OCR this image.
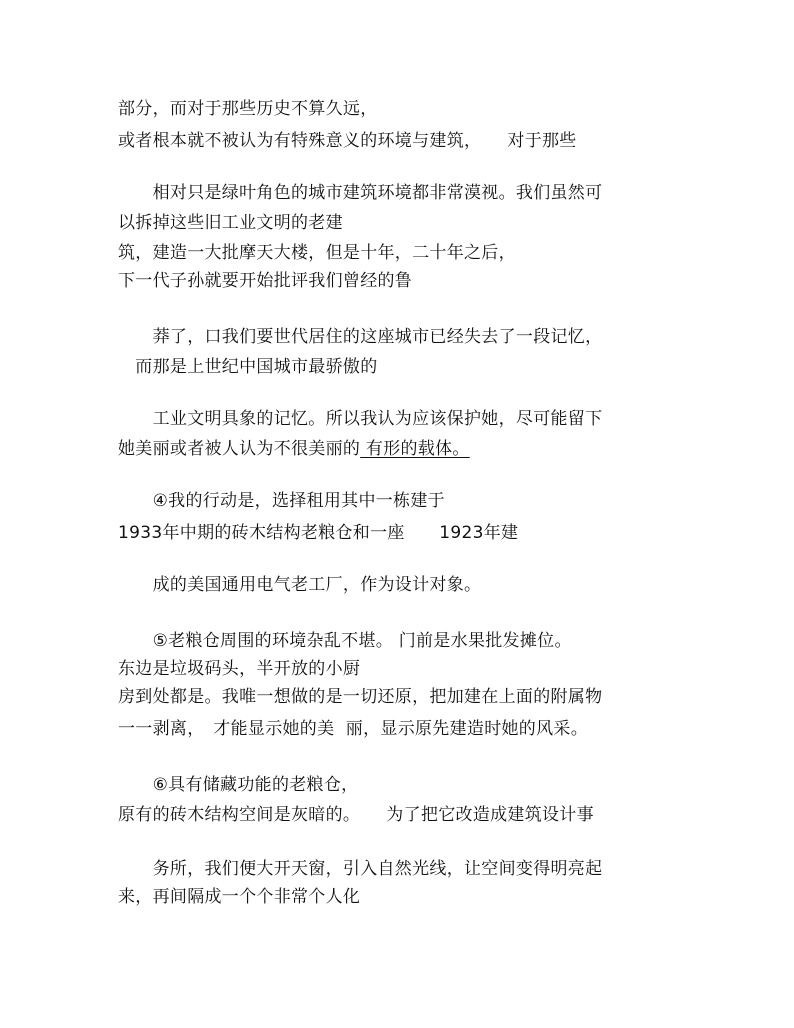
部分，而对于那些历史不算久远，
或者根本就不被认为有特殊意义的环境与建筑，　　对于那些
　　相对只是绿叶角色的城市建筑环境都非常漠视。我们虽然可
以拆掉这些旧工业文明的老建
筑，建造一大批摩天大楼，但是十年，二十年之后，
下一代子孙就要开始批评我们曾经的鲁
　　莽了，口我们要世代居住的这座城市已经失去了一段记忆，
　而那是上世纪中国城市最骄傲的
　　工业文明具象的记忆。所以我认为应该保护她，尽可能留下
她美丽或者被人认为不很美丽的 有形的载体。
　　④我的行动是，选择租用其中一栋建于
1933年中期的砖木结构老粮仓和一座　　1923年建
　　成的美国通用电气老工厂，作为设计对象。
　　⑤老粮仓周围的环境杂乱不堪。 门前是水果批发摊位。
东边是垃圾码头，半开放的小厨
房到处都是。我唯一想做的是一切还原，把加建在上面的附属物
一一剥离，　才能显示她的美  丽，显示原先建造时她的风采。
　　⑥具有储藏功能的老粮仓，
原有的砖木结构空间是灰暗的。　　为了把它改造成建筑设计事
　　务所，我们便大开天窗，引入自然光线，让空间变得明亮起
来，再间隔成一个个非常个人化
